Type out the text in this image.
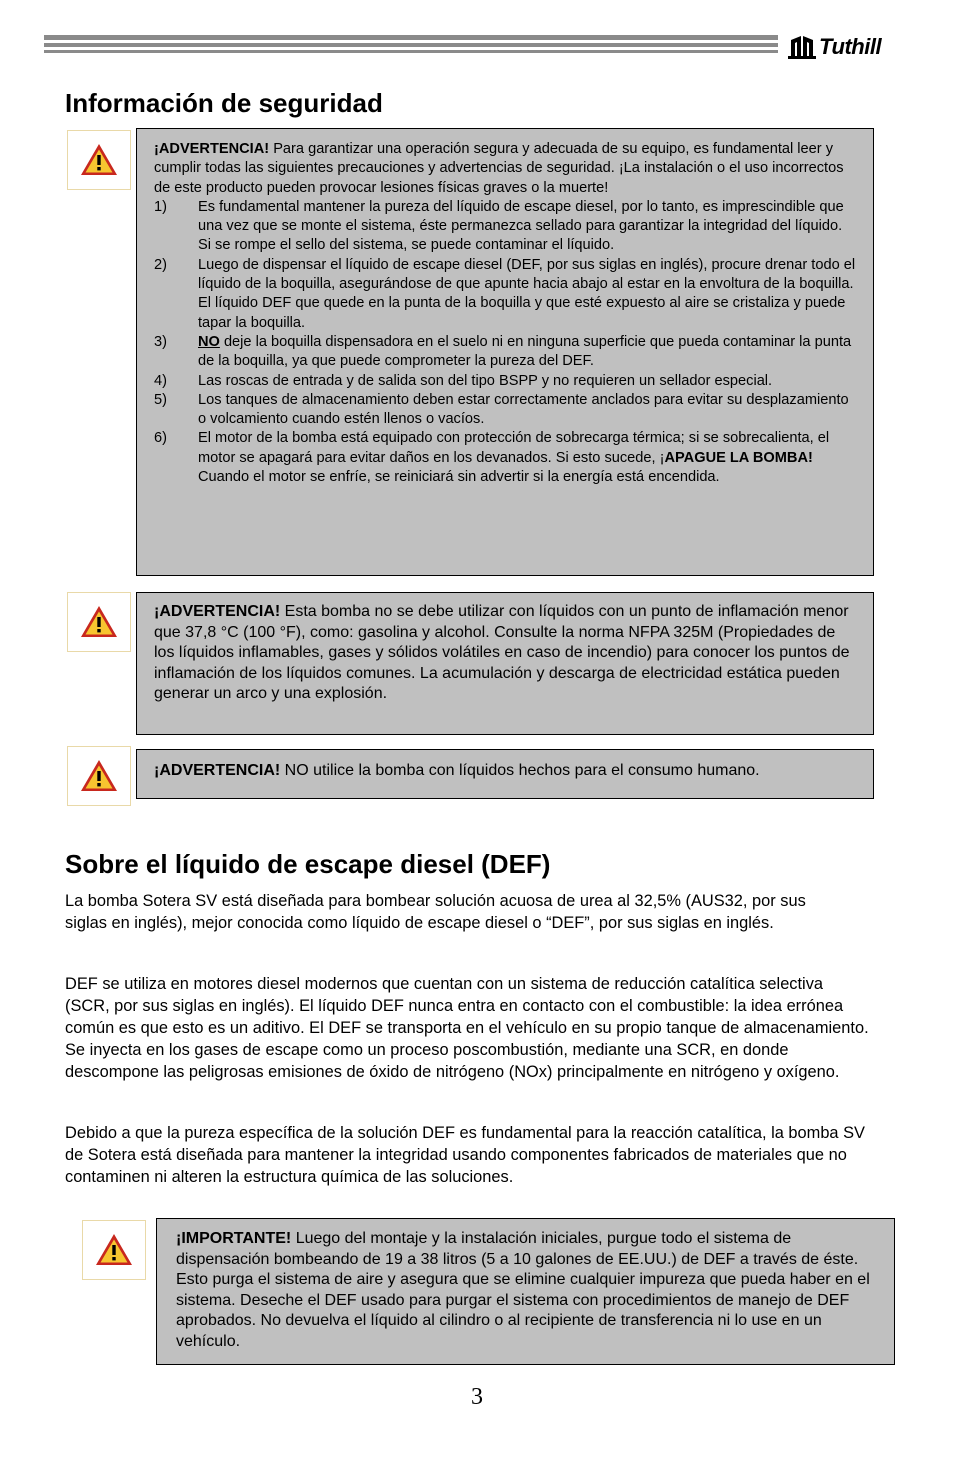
Tuthill
Información de seguridad

¡ADVERTENCIA! Para garantizar una operación segura y adecuada de su equipo, es fundamental leer y cumplir todas las siguientes precauciones y advertencias de seguridad. ¡La instalación o el uso incorrectos de este producto pueden provocar lesiones físicas graves o la muerte!

1) Es fundamental mantener la pureza del líquido de escape diesel, por lo tanto, es imprescindible que una vez que se monte el sistema, éste permanezca sellado para garantizar la integridad del líquido. Si se rompe el sello del sistema, se puede contaminar el líquido.
2) Luego de dispensar el líquido de escape diesel (DEF, por sus siglas en inglés), procure drenar todo el líquido de la boquilla, asegurándose de que apunte hacia abajo al estar en la envoltura de la boquilla. El líquido DEF que quede en la punta de la boquilla y que esté expuesto al aire se cristaliza y puede tapar la boquilla.
3) NO deje la boquilla dispensadora en el suelo ni en ninguna superficie que pueda contaminar la punta de la boquilla, ya que puede comprometer la pureza del DEF.
4) Las roscas de entrada y de salida son del tipo BSPP y no requieren un sellador especial.
5) Los tanques de almacenamiento deben estar correctamente anclados para evitar su desplazamiento o volcamiento cuando estén llenos o vacíos.
6) El motor de la bomba está equipado con protección de sobrecarga térmica; si se sobrecalienta, el motor se apagará para evitar daños en los devanados. Si esto sucede, ¡APAGUE LA BOMBA! Cuando el motor se enfríe, se reiniciará sin advertir si la energía está encendida.

¡ADVERTENCIA! Esta bomba no se debe utilizar con líquidos con un punto de inflamación menor que 37,8 °C (100 °F), como: gasolina y alcohol. Consulte la norma NFPA 325M (Propiedades de los líquidos inflamables, gases y sólidos volátiles en caso de incendio) para conocer los puntos de inflamación de los líquidos comunes. La acumulación y descarga de electricidad estática pueden generar un arco y una explosión.

¡ADVERTENCIA! NO utilice la bomba con líquidos hechos para el consumo humano.

Sobre el líquido de escape diesel (DEF)

La bomba Sotera SV está diseñada para bombear solución acuosa de urea al 32,5% (AUS32, por sus siglas en inglés), mejor conocida como líquido de escape diesel o “DEF”, por sus siglas en inglés.

DEF se utiliza en motores diesel modernos que cuentan con un sistema de reducción catalítica selectiva (SCR, por sus siglas en inglés). El líquido DEF nunca entra en contacto con el combustible: la idea errónea común es que esto es un aditivo. El DEF se transporta en el vehículo en su propio tanque de almacenamiento. Se inyecta en los gases de escape como un proceso poscombustión, mediante una SCR, en donde descompone las peligrosas emisiones de óxido de nitrógeno (NOx) principalmente en nitrógeno y oxígeno.

Debido a que la pureza específica de la solución DEF es fundamental para la reacción catalítica, la bomba SV de Sotera está diseñada para mantener la integridad usando componentes fabricados de materiales que no contaminen ni alteren la estructura química de las soluciones.

¡IMPORTANTE! Luego del montaje y la instalación iniciales, purgue todo el sistema de dispensación bombeando de 19 a 38 litros (5 a 10 galones de EE.UU.) de DEF a través de éste. Esto purga el sistema de aire y asegura que se elimine cualquier impureza que pueda haber en el sistema. Deseche el DEF usado para purgar el sistema con procedimientos de manejo de DEF aprobados. No devuelva el líquido al cilindro o al recipiente de transferencia ni lo use en un vehículo.

3
